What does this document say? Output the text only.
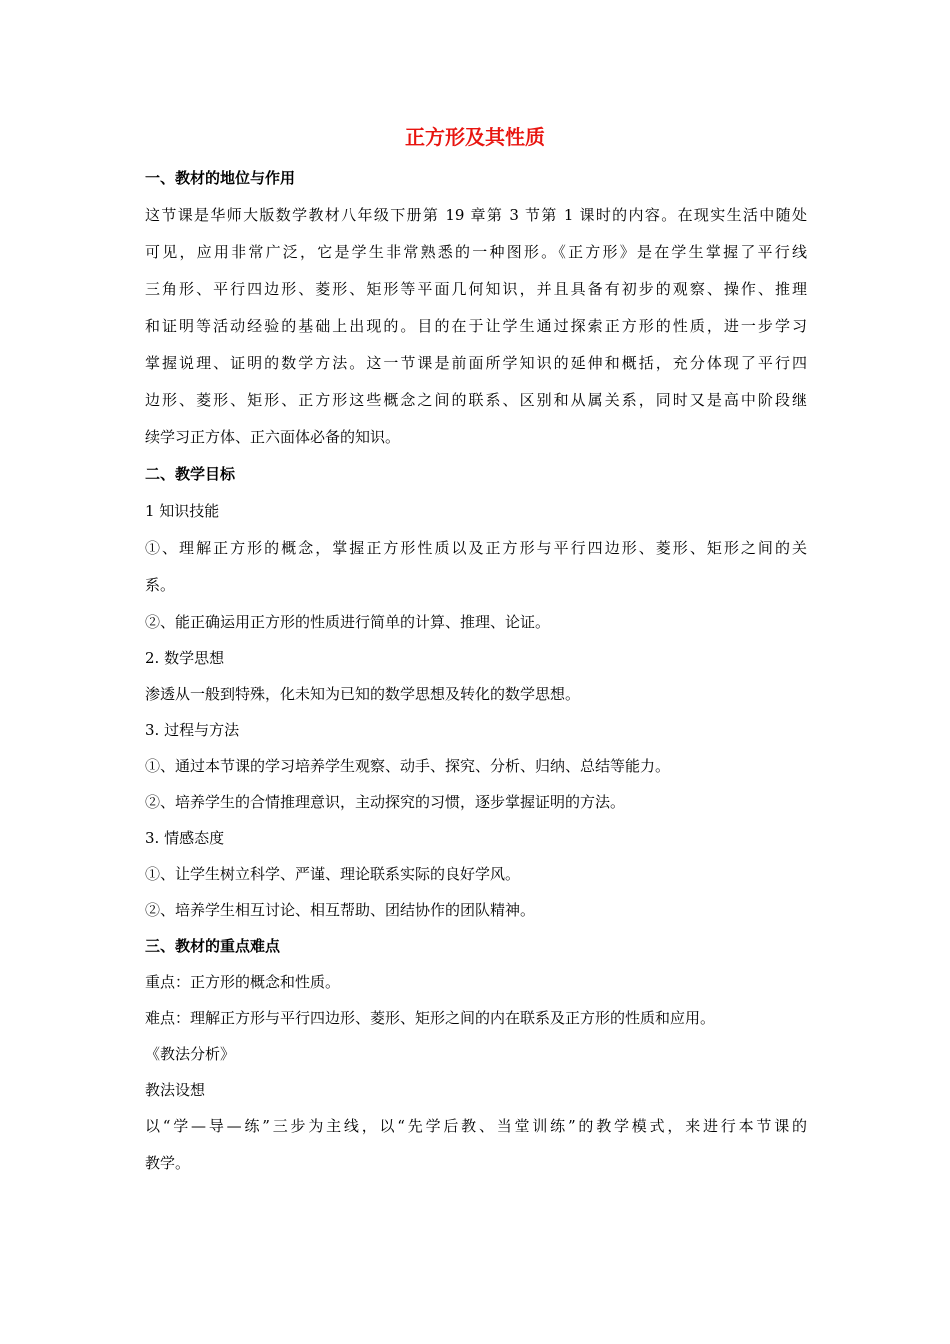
正方形及其性质
一、教材的地位与作用
这节课是华师大版数学教材八年级下册第 19 章第 3 节第 1 课时的内容。在现实生活中随处
可见，应用非常广泛，它是学生非常熟悉的一种图形。《正方形》是在学生掌握了平行线
三角形、平行四边形、菱形、矩形等平面几何知识，并且具备有初步的观察、操作、推理
和证明等活动经验的基础上出现的。目的在于让学生通过探索正方形的性质，进一步学习
掌握说理、证明的数学方法。这一节课是前面所学知识的延伸和概括，充分体现了平行四
边形、菱形、矩形、正方形这些概念之间的联系、区别和从属关系，同时又是高中阶段继
续学习正方体、正六面体必备的知识。
二、教学目标
1 知识技能
①、理解正方形的概念，掌握正方形性质以及正方形与平行四边形、菱形、矩形之间的关
系。
②、能正确运用正方形的性质进行简单的计算、推理、论证。
2. 数学思想
渗透从一般到特殊，化未知为已知的数学思想及转化的数学思想。
3. 过程与方法
①、通过本节课的学习培养学生观察、动手、探究、分析、归纳、总结等能力。
②、培养学生的合情推理意识，主动探究的习惯，逐步掌握证明的方法。
3. 情感态度
①、让学生树立科学、严谨、理论联系实际的良好学风。
②、培养学生相互讨论、相互帮助、团结协作的团队精神。
三、教材的重点难点
重点：正方形的概念和性质。
难点：理解正方形与平行四边形、菱形、矩形之间的内在联系及正方形的性质和应用。
《教法分析》
教法设想
以“学—导—练”三步为主线，以“先学后教、当堂训练”的教学模式，来进行本节课的
教学。
